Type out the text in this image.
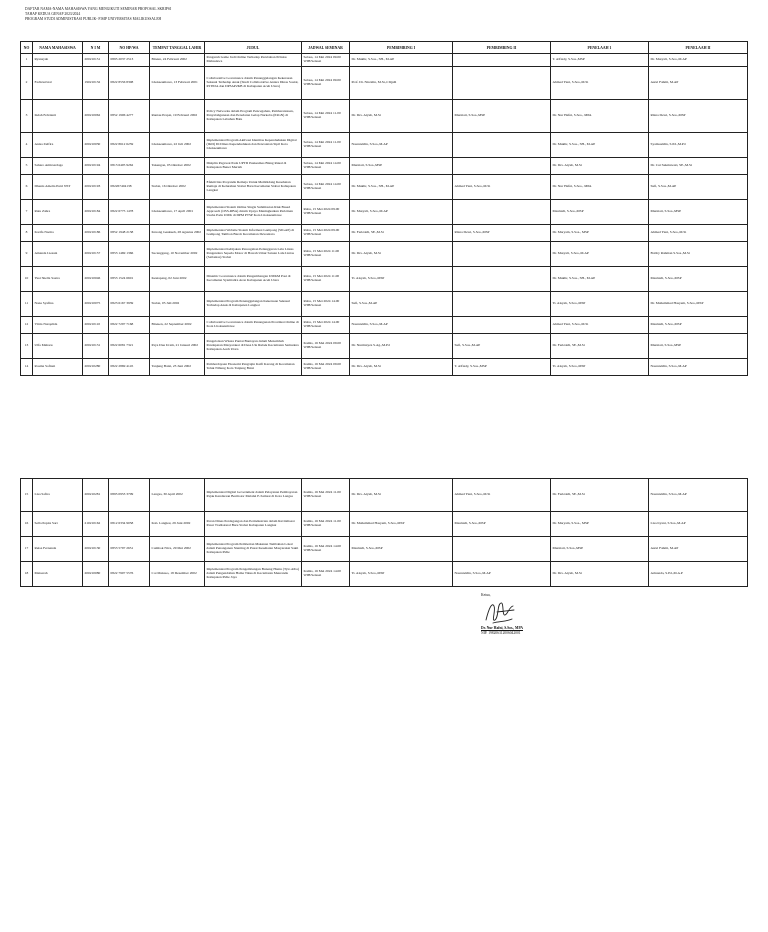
DAFTAR NAMA-NAMA MAHASISWA YANG MENGIKUTI SEMINAR PROPOSAL SKRIPSI
TAHAP KEDUA GENAP 2023/2024
PROGRAM STUDI ADMINISTRASI PUBLIK- FISIP UNIVERSITAS MALIKUSSALEH
NO	NAMA MAHASISWA	N I M	NO HP/WA	TEMPAT TANGGAL LAHIR	JUDUL	JADWAL SEMINAR	PEMBIMBING I	PEMBIMBING II	PENELAAH 1	PENELAAH II
1	Ryansyah	200210151	0895 2037 2513	Bireun, 24 Februari 2002	Pengaruh Game Judi Online Terhadap Perubahan Prilaku Mahasiswa	Selasa, 14 Mei 2024 09.00 WIB/Selesai	Dr. Muklir, S.Sos., SH., M.AP		T. Alfiady, S.Sos.,MSP	Dr. Muryali, S.Sos.,M.AP
2	Fachrurrizal	190210132	0822 8556 8308	Lhokseumawe, 13 Februari 2001	Collaborative Governance dalam Penanggulangan Kekerasan Seksual Terhadap Anak (Studi Collaborative Antara Dinas Sosial, P2TP2A dan DP3AP2KB di Kabupaten Aceh Utara)	Selasa, 14 Mei 2024 09.00 WIB/Selesai	Prof. Dr. Nirzalin, M.Si.,CIQaR		Ahmad Yani, S.Sos.,M.Si	Asrul Fahmi, M.AP
3	Indah Febrianti	200210062	0852 1906 4277	Rantau Prapat, 19 Februari 2002	Policy Networks dalam Program Pencegahan, Pemberantasan, Penyalahgunaan dan Peredaran Gelap Narkoba (P4GN) di Kabupaten Labuhan Batu	Selasa, 14 Mei 2024 11.00 WIB/Selesai	Dr. Drs. Aiyub, M.Si	Murniati, S.Sos.,MSP	Dr. Nur Hafni, S.Sos., MPA	Rizna Dewi, S.Sos.,MSP
4	Anisa Zulfira	200210030	0822 8612 6259	Lhokseumawe, 22 Juli 2002	Implementasi Program Aktivasi Identitas Kependudukan Digital (IKD) Di Dinas Kependudukan dan Pencatatan Sipil Kota Lhokseumawe	Selasa, 14 Mei 2024 11.00 WIB/Selesai	Nasrunddin, S.Sos.,M.AP		Dr. Muklir, S.Sos., SH., M.AP	Syamsuddin, S.Pd.,M.Pd
5	Saharo Amirsardago	200210194	0813 6405 9262	Takengon, 05 Oktober 2002	Disiplin Pegawai Pada UPTD Puskesmas Blang Rakal di Kabupaten Bener Meriah	Selasa, 14 Mei 2024 14.00 WIB/Selesai	Murniati, S.Sos.,MSP		Dr. Drs. Aiyub, M.Si	Dr. Cut Sukmawati, SE.,M.Si
6	Dhenis Amelia Putri NST	200210193	082267404138	Stabat, 16 Oktober 2002	Efektivitas Posyandu Remaja Untuk Membidang Kesehatan Remaja di Kelurahan Stabat Baru Kecamatan Stabat Kabupaten Langkat	Selasa, 14 Mei 2024 14.00 WIB/Selesai	Dr. Muklir, S.Sos., SH., M.AP	Ahmad Yani, S.Sos.,M.Si	Dr. Nur Hafni, S.Sos., MPA	Sufi, S.Sos.,M.AP
7	Ratu Zahra	200210184	0822 6775 1478	Lhokseumawe, 17 April 2001	Implementasi Sistem Online Single Submission Risk Based Approach (OSS-RBA) dalam Upaya Meningkatkan Perizinan Usaha Pada UMK di DPM PTSP Kota Lhokseumawe	Rabu, 15 Mei 2024 09.00 WIB/Selesai	Dr. Muryali, S.Sos.,M.AP		Maulaidi, S.Sos.,MSP	Murniati, S.Sos.,MSP
8	Karifa Nazira	200210186	0852 1948 2138	Kruong Geukueh, 28 Agustus 2002	Implementasi Website Sistem Informasi Gampong (SIGAP) di Gampong Tambon Baroh Kecamatan Dewantara	Rabu, 15 Mei 2024 09.00 WIB/Selesai	Dr. Ferizaldi, SE.,M.Si	Rizna Dewi, S.Sos.,MSP	Dr. Maryam, S.Sos., MSP	Ahmad Yani, S.Sos.,M.Si
9	Amanda Liessni	200210157	0853 1469 1366	Sucanggang, 10 November 2002	Implementasi Kebijakan Pencegahan Pelanggaran Lalu Lintas Pengendara Sepeda Motor di Bawah Umur Satuan Lalu Lintas (Satlantas) Stabat	Rabu, 15 Mei 2024 11.00 WIB/Selesai	Dr. Drs. Aiyub, M.Si		Dr. Muryali, S.Sos.,M.AP	Bobby Rahman S.Sos.,M.Si
10	Yusi Shella Sastra	200210046	0853 1524 6601	Keutapang, 02 Juni 2002	Dinamic Governance dalam Pengembangan UMKM Pasi di Kecamatan Syamtalira Aron Kabupaten Aceh Utara	Rabu, 15 Mei 2024 11.00 WIB/Selesai	Ti. Aisyah, S.Sos.,MSP		Dr. Muklir, S.Sos., SH., M.AP	Maulaidi, S.Sos.,MSP
11	Nana Syafina	200210075	0823 6167 3939	Stabat, 05 Juli 2002	Implementasi Program Penanggulangan Kekerasan Seksual Terhadap Anak di Kabupaten Langkat	Rabu, 15 Mei 2024 14.00 WIB/Selesai	Sufi, S.Sos.,M.AP		Ti. Aisyah, S.Sos.,MSP	Dr. Muhammad Hasyem, S.Sos.,MSP
12	Vitria Nurqalida	200210110	0822 7297 7168	Bireuen, 22 September 2002	Collaborative Governance dalam Penanganan Prostitusi Online di Kota Lhokseumawe	Rabu, 15 Mei 2024 14.00 WIB/Selesai	Nasrunddin, S.Sos.,M.AP		Ahmad Yani, S.Sos.,M.Si	Maulaidi, S.Sos.,MSP
13	Ulfa Maharu	200210131	0822 6081 7321	Paya Dua Uram, 21 Januari 2002	Pengelolaan Wisata Pantai Bantayan dalam Menambah Pendapatan Masyarakat di Desa Ule Rubek Kecamatan Samudera Kabupaten Aceh Utara	Kamis, 16 Mei 2024 09.00 WIB/Selesai	Dr. Nurmaiyza S.Ag.,M.Pd	Sufi, S.Sos.,M.AP	Dr. Ferizaldi, SE.,M.Si	Murniati, S.Sos.,MSP
14	Rosma Sofiani	200210280	0822 2869 4145	Tanjung Balai, 23 Juni 2002	Pemberdayaan Ekonomi Pengrajin Kaift Karang di Kecamatan Teluk Nibung Kota Tanjung Balai	Kamis, 16 Mei 2024 09.00 WIB/Selesai	Dr. Drs. Aiyub, M.Si	T. Alfiady, S.Sos.,MSP	Ti. Aisyah, S.Sos.,MSP	Nasrunddin, S.Sos.,M.AP
15	Lisa Safira	200210281	0895 0953 3709	Langsa, 30 April 2002	Implementasi Digital Government dalam Pelayanan Pembayaran Pajak Kendaraan Bermotor Melalui E-Samsat di Kota Langsa	Kamis, 16 Mei 2024 11.00 WIB/Selesai	Dr. Drs. Aiyub, M.Si	Ahmad Yani, S.Sos.,M.Si	Dr. Ferizaldi, SE.,M.Si	Nasrunddin, S.Sos.,M.AP
16	Sella Pepita Sari	210210162	0812 6334 9058	Kab. Langkat, 29 Juni 2002	Peran Dinas Perdagangan dan Perindustrian dalam Revitalisasi Pasar Tradisional Baru Stabat Kabupaten Langkat	Kamis, 16 Mei 2024 11.00 WIB/Selesai	Dr. Muhammad Hasyem, S.Sos.,MSP	Maulaidi, S.Sos.,MSP	Dr. Maryam, S.Sos., MSP	Lisa Iryani, S.Sos.,M.AP
17	Reisa Fernanda	200210130	0853 5797 2651	Cumbok Niva, 29 Mei 2002	Implementasi Program Pemberian Makanan Tambahan Lokal dalam Penanganan Stunting di Pusat Kesehatan Masyarakat Sakti Kabupaten Pidie	Kamis, 16 Mei 2024 14.00 WIB/Selesai	Maulaidi, S.Sos.,MSP		Murniati, S.Sos.,MSP	Asrul Fahmi, M.AP
18	Maisarah	200210080	0822 7907 5576	Cot Makaso, 18 Desember 2002	Implementasi Program Pengembangan Bunang Hantu (Tyto Alba) dalam Pengendalian Hama Tikus di Kecamatan Meurandu Kabupaten Pidie Jaya	Kamis, 16 Mei 2024 14.00 WIB/Selesai	Ti. Aisyah, S.Sos.,MSP	Nasrunddin, S.Sos.,M.AP	Dr. Drs. Aiyub, M.Si	Arinanda, S.Pd.,M.A.P
Ketua,
Dr. Nur Hafni, S.Sos., MPA
NIP. 198206312006042001
